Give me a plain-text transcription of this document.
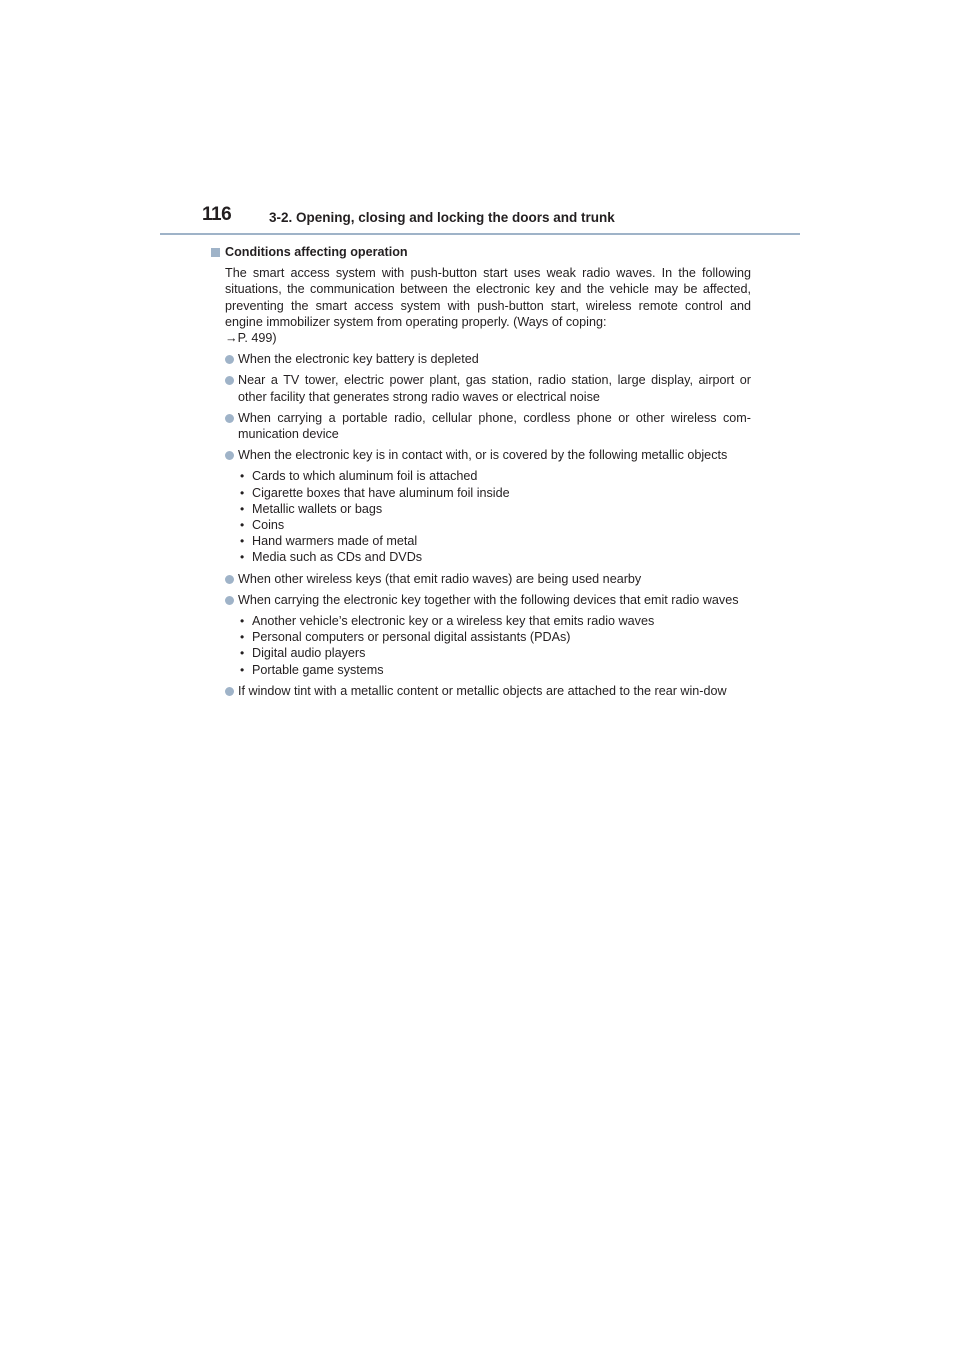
116	3-2. Opening, closing and locking the doors and trunk
Conditions affecting operation
The smart access system with push-button start uses weak radio waves. In the following situations, the communication between the electronic key and the vehicle may be affected, preventing the smart access system with push-button start, wireless remote control and engine immobilizer system from operating properly. (Ways of coping:
→P. 499)
When the electronic key battery is depleted
Near a TV tower, electric power plant, gas station, radio station, large display, airport or other facility that generates strong radio waves or electrical noise
When carrying a portable radio, cellular phone, cordless phone or other wireless com-munication device
When the electronic key is in contact with, or is covered by the following metallic objects
• Cards to which aluminum foil is attached
• Cigarette boxes that have aluminum foil inside
• Metallic wallets or bags
• Coins
• Hand warmers made of metal
• Media such as CDs and DVDs
When other wireless keys (that emit radio waves) are being used nearby
When carrying the electronic key together with the following devices that emit radio waves
• Another vehicle’s electronic key or a wireless key that emits radio waves
• Personal computers or personal digital assistants (PDAs)
• Digital audio players
• Portable game systems
If window tint with a metallic content or metallic objects are attached to the rear win-dow
